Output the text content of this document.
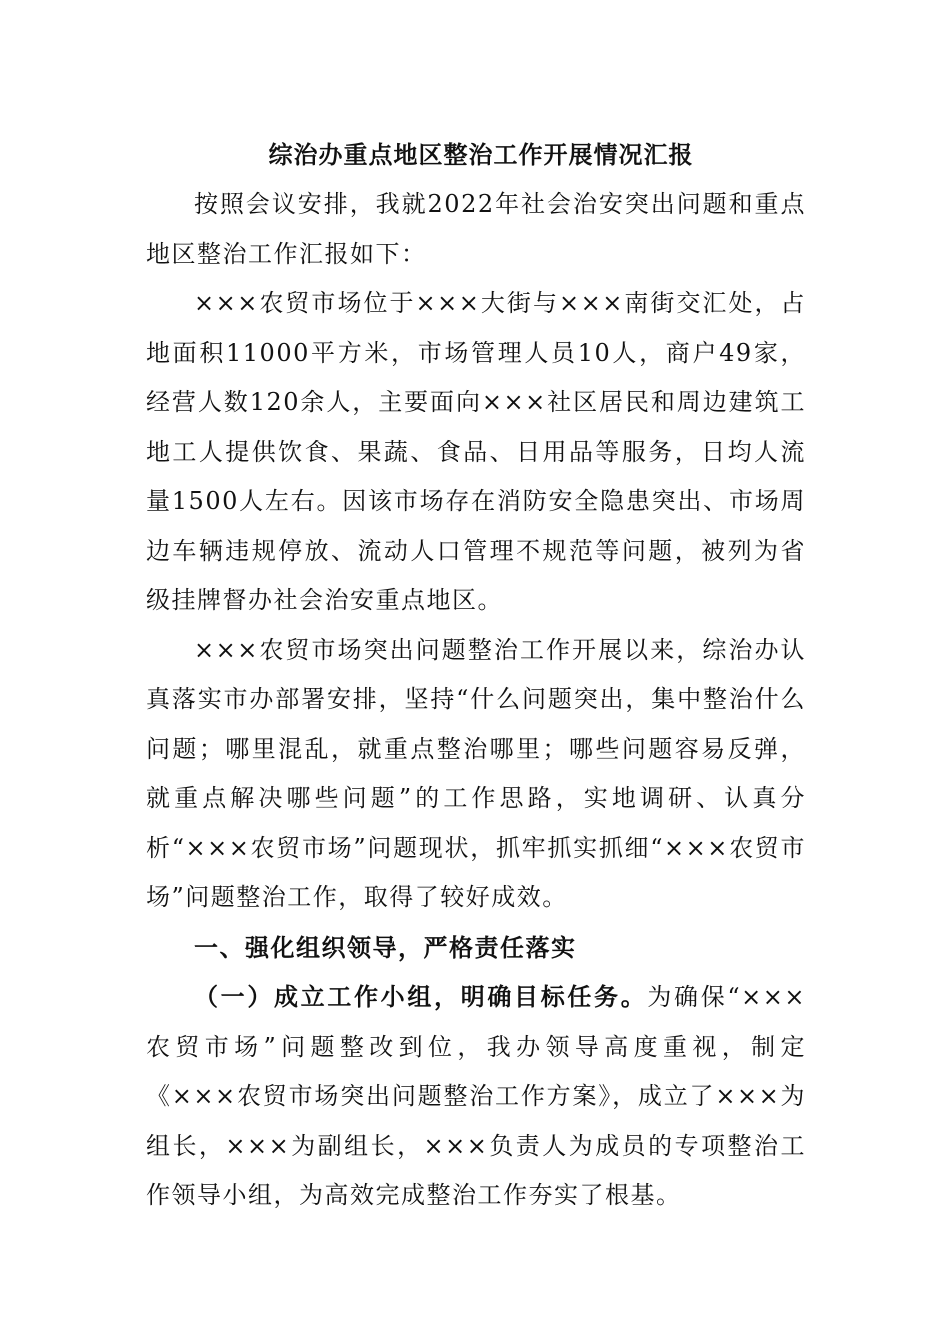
综治办重点地区整治工作开展情况汇报

按照会议安排，我就2022年社会治安突出问题和重点地区整治工作汇报如下：

×××农贸市场位于×××大街与×××南街交汇处，占地面积11000平方米，市场管理人员10人，商户49家，经营人数120余人，主要面向×××社区居民和周边建筑工地工人提供饮食、果蔬、食品、日用品等服务，日均人流量1500人左右。因该市场存在消防安全隐患突出、市场周边车辆违规停放、流动人口管理不规范等问题，被列为省级挂牌督办社会治安重点地区。

×××农贸市场突出问题整治工作开展以来，综治办认真落实市办部署安排，坚持“什么问题突出，集中整治什么问题；哪里混乱，就重点整治哪里；哪些问题容易反弹，就重点解决哪些问题”的工作思路，实地调研、认真分析“×××农贸市场”问题现状，抓牢抓实抓细“×××农贸市场”问题整治工作，取得了较好成效。

一、强化组织领导，严格责任落实

（一）成立工作小组，明确目标任务。为确保“×××农贸市场”问题整改到位，我办领导高度重视，制定《×××农贸市场突出问题整治工作方案》，成立了×××为组长，×××为副组长，×××负责人为成员的专项整治工作领导小组，为高效完成整治工作夯实了根基。
